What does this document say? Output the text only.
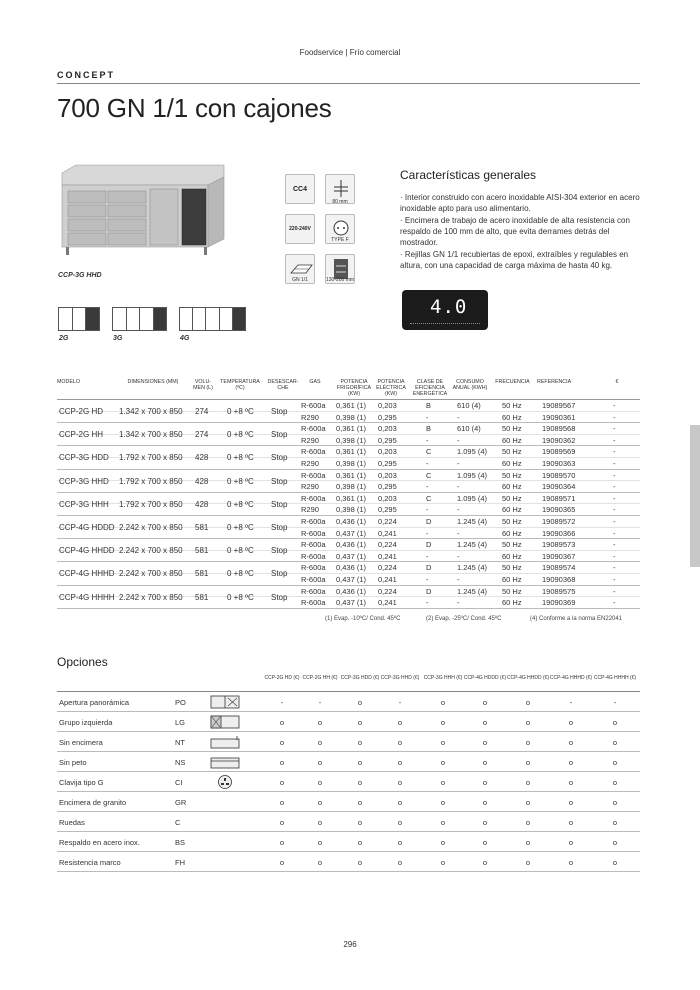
Foodservice | Frío comercial
CONCEPT
700 GN 1/1 con cajones
CCP-3G HHD
CC4
80 mm
220-240V
TYPE F
GN 1/1	130-200 mm
2G	3G	4G
Características generales
· Interior construido con acero inoxidable AISI-304 exterior en acero inoxidable apto para uso alimentario.
· Encimera de trabajo de acero inoxidable de alta resistencia con respaldo de 100 mm de alto, que evita derrames detrás del mostrador.
· Rejillas GN 1/1 recubiertas de epoxi, extraíbles y regulables en altura, con una capacidad de carga máxima de hasta 40 kg.
4.0
MODELO	DIMENSIONES (MM)	VOLU- MEN (L)
TEMPERATURA (ºC)
DESESCAR- CHE
GAS	POTENCIA FRIGORÍFICA (KW)
POTENCIA ELÉCTRICA (KW)
CLASE DE EFICIENCIA ENERGÉTICA
CONSUMO ANUAL (KWH)
FRECUENCIA	REFERENCIA	€
CCP-2G HD 1.342 x 700 x 850 274 0 +8 ºC Stop
R-600a 0,361 (1) 0,203	B	610 (4)	50 Hz	19089567	-
R290 0,398 (1) 0,295	-	-	60 Hz	19090361	-
CCP-2G HH 1.342 x 700 x 850 274 0 +8 ºC Stop
R-600a 0,361 (1) 0,203	B	610 (4)	50 Hz	19089568	-
R290 0,398 (1) 0,295	-	-	60 Hz	19090362	-
CCP-3G HDD 1.792 x 700 x 850 428 0 +8 ºC Stop
R-600a 0,361 (1) 0,203	C	1.095 (4) 50 Hz	19089569	-
R290 0,398 (1) 0,295	-	-	60 Hz	19090363	-
CCP-3G HHD 1.792 x 700 x 850 428 0 +8 ºC Stop
R-600a 0,361 (1) 0,203	C	1.095 (4) 50 Hz	19089570	-
R290 0,398 (1) 0,295	-	-	60 Hz	19090364	-
CCP-3G HHH 1.792 x 700 x 850 428 0 +8 ºC Stop
R-600a 0,361 (1) 0,203	C	1.095 (4) 50 Hz	19089571	-
R290 0,398 (1) 0,295	-	-	60 Hz	19090365	-
CCP-4G HDDD 2.242 x 700 x 850 581 0 +8 ºC Stop
R-600a 0,436 (1) 0,224	D	1.245 (4) 50 Hz	19089572	-
R-600a 0,437 (1) 0,241	-	-	60 Hz	19090366	-
CCP-4G HHDD 2.242 x 700 x 850 581 0 +8 ºC Stop
R-600a 0,436 (1) 0,224	D	1.245 (4) 50 Hz	19089573	-
R-600a 0,437 (1) 0,241	-	-	60 Hz	19090367	-
CCP-4G HHHD 2.242 x 700 x 850 581 0 +8 ºC Stop
R-600a 0,436 (1) 0,224	D	1.245 (4) 50 Hz	19089574	-
R-600a 0,437 (1) 0,241	-	-	60 Hz	19090368	-
CCP-4G HHHH 2.242 x 700 x 850 581 0 +8 ºC Stop
R-600a 0,436 (1) 0,224	D	1.245 (4) 50 Hz	19089575	-
R-600a 0,437 (1) 0,241	-	-	60 Hz	19090369	-
(1) Evap. -10ºC/ Cond. 45ºC	(2) Evap. -25ºC/ Cond. 45ºC	(4) Conforme a la norma EN22041
Opciones
CCP-2G HD (€) CCP-2G HH (€) CCP-3G HDD (€) CCP-3G HHD (€) CCP-3G HHH (€) CCP-4G HDDD (€) CCP-4G HHDD (€) CCP-4G HHHD (€) CCP-4G HHHH (€)
Apertura panorámica	PO	-	-	o	-	o	o	o	-	-
Grupo izquierda	LG	o	o	o	o	o	o	o	o	o
Sin encimera	NT	o	o	o	o	o	o	o	o	o
Sin peto	NS	o	o	o	o	o	o	o	o	o
Clavija tipo G	CI	o	o	o	o	o	o	o	o	o
Encimera de granito	GR	o	o	o	o	o	o	o	o	o
Ruedas	C	o	o	o	o	o	o	o	o	o
Respaldo en acero inox.	BS	o	o	o	o	o	o	o	o	o
Resistencia marco	FH	o	o	o	o	o	o	o	o	o
296
